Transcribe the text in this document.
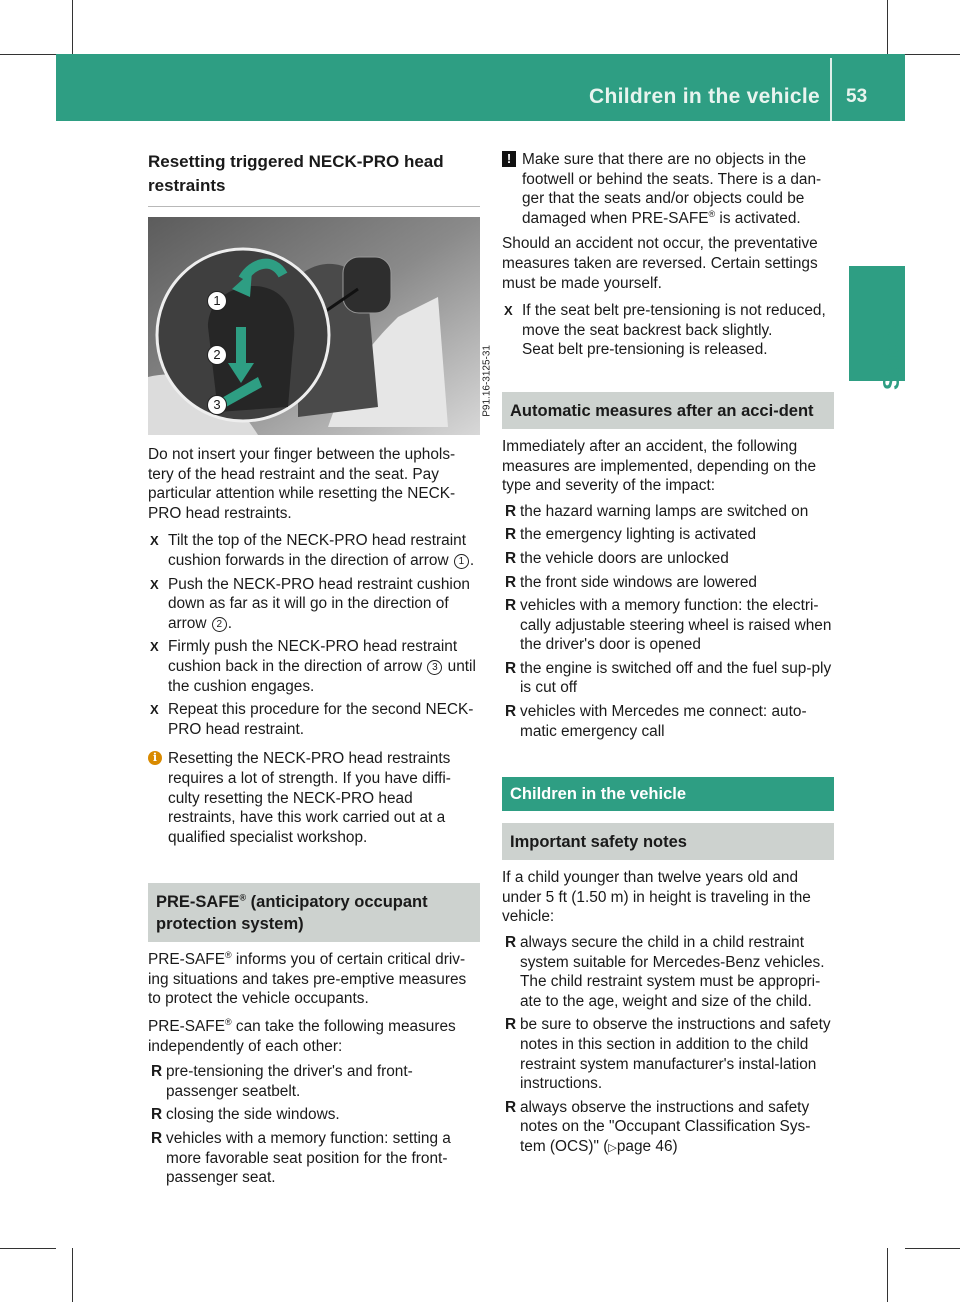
Children in the vehicle 53
Safety
Resetting triggered NECK-PRO head restraints
1
2
3	P91.16-3125-31

Do not insert your finger between the uphols-tery of the head restraint and the seat. Pay particular attention while resetting the NECK-PRO head restraints.

X Tilt the top of the NECK-PRO head restraint cushion forwards in the direction of arrow 1 .
X Push the NECK-PRO head restraint cushion down as far as it will go in the direction of arrow 2 .
X Firmly push the NECK-PRO head restraint cushion back in the direction of arrow 3 until the cushion engages.
X Repeat this procedure for the second NECK-PRO head restraint.
i Resetting the NECK-PRO head restraints requires a lot of strength. If you have diffi-culty resetting the NECK-PRO head restraints, have this work carried out at a qualified specialist workshop.
PRE-SAFE® (anticipatory occupant protection system)

PRE-SAFE® informs you of certain critical driv-ing situations and takes pre-emptive measures to protect the vehicle occupants.

PRE-SAFE® can take the following measures independently of each other:

R pre-tensioning the driver's and front-passenger seatbelt.
R closing the side windows.
R vehicles with a memory function: setting a more favorable seat position for the front-passenger seat.
! Make sure that there are no objects in the footwell or behind the seats. There is a dan-ger that the seats and/or objects could be damaged when PRE-SAFE® is activated.

Should an accident not occur, the preventative measures taken are reversed. Certain settings must be made yourself.

X If the seat belt pre-tensioning is not reduced, move the seat backrest back slightly.
Seat belt pre-tensioning is released.
Automatic measures after an acci-dent

Immediately after an accident, the following measures are implemented, depending on the type and severity of the impact:

R the hazard warning lamps are switched on
R the emergency lighting is activated
R the vehicle doors are unlocked
R the front side windows are lowered
R vehicles with a memory function: the electri-cally adjustable steering wheel is raised when the driver's door is opened
R the engine is switched off and the fuel sup-ply is cut off
R vehicles with Mercedes me connect: auto-matic emergency call
Children in the vehicle
Important safety notes

If a child younger than twelve years old and under 5 ft (1.50 m) in height is traveling in the vehicle:

R always secure the child in a child restraint system suitable for Mercedes-Benz vehicles. The child restraint system must be appropri-ate to the age, weight and size of the child.
R be sure to observe the instructions and safety notes in this section in addition to the child restraint system manufacturer's instal-lation instructions.
R always observe the instructions and safety notes on the "Occupant Classification Sys-tem (OCS)" (▷page 46)
